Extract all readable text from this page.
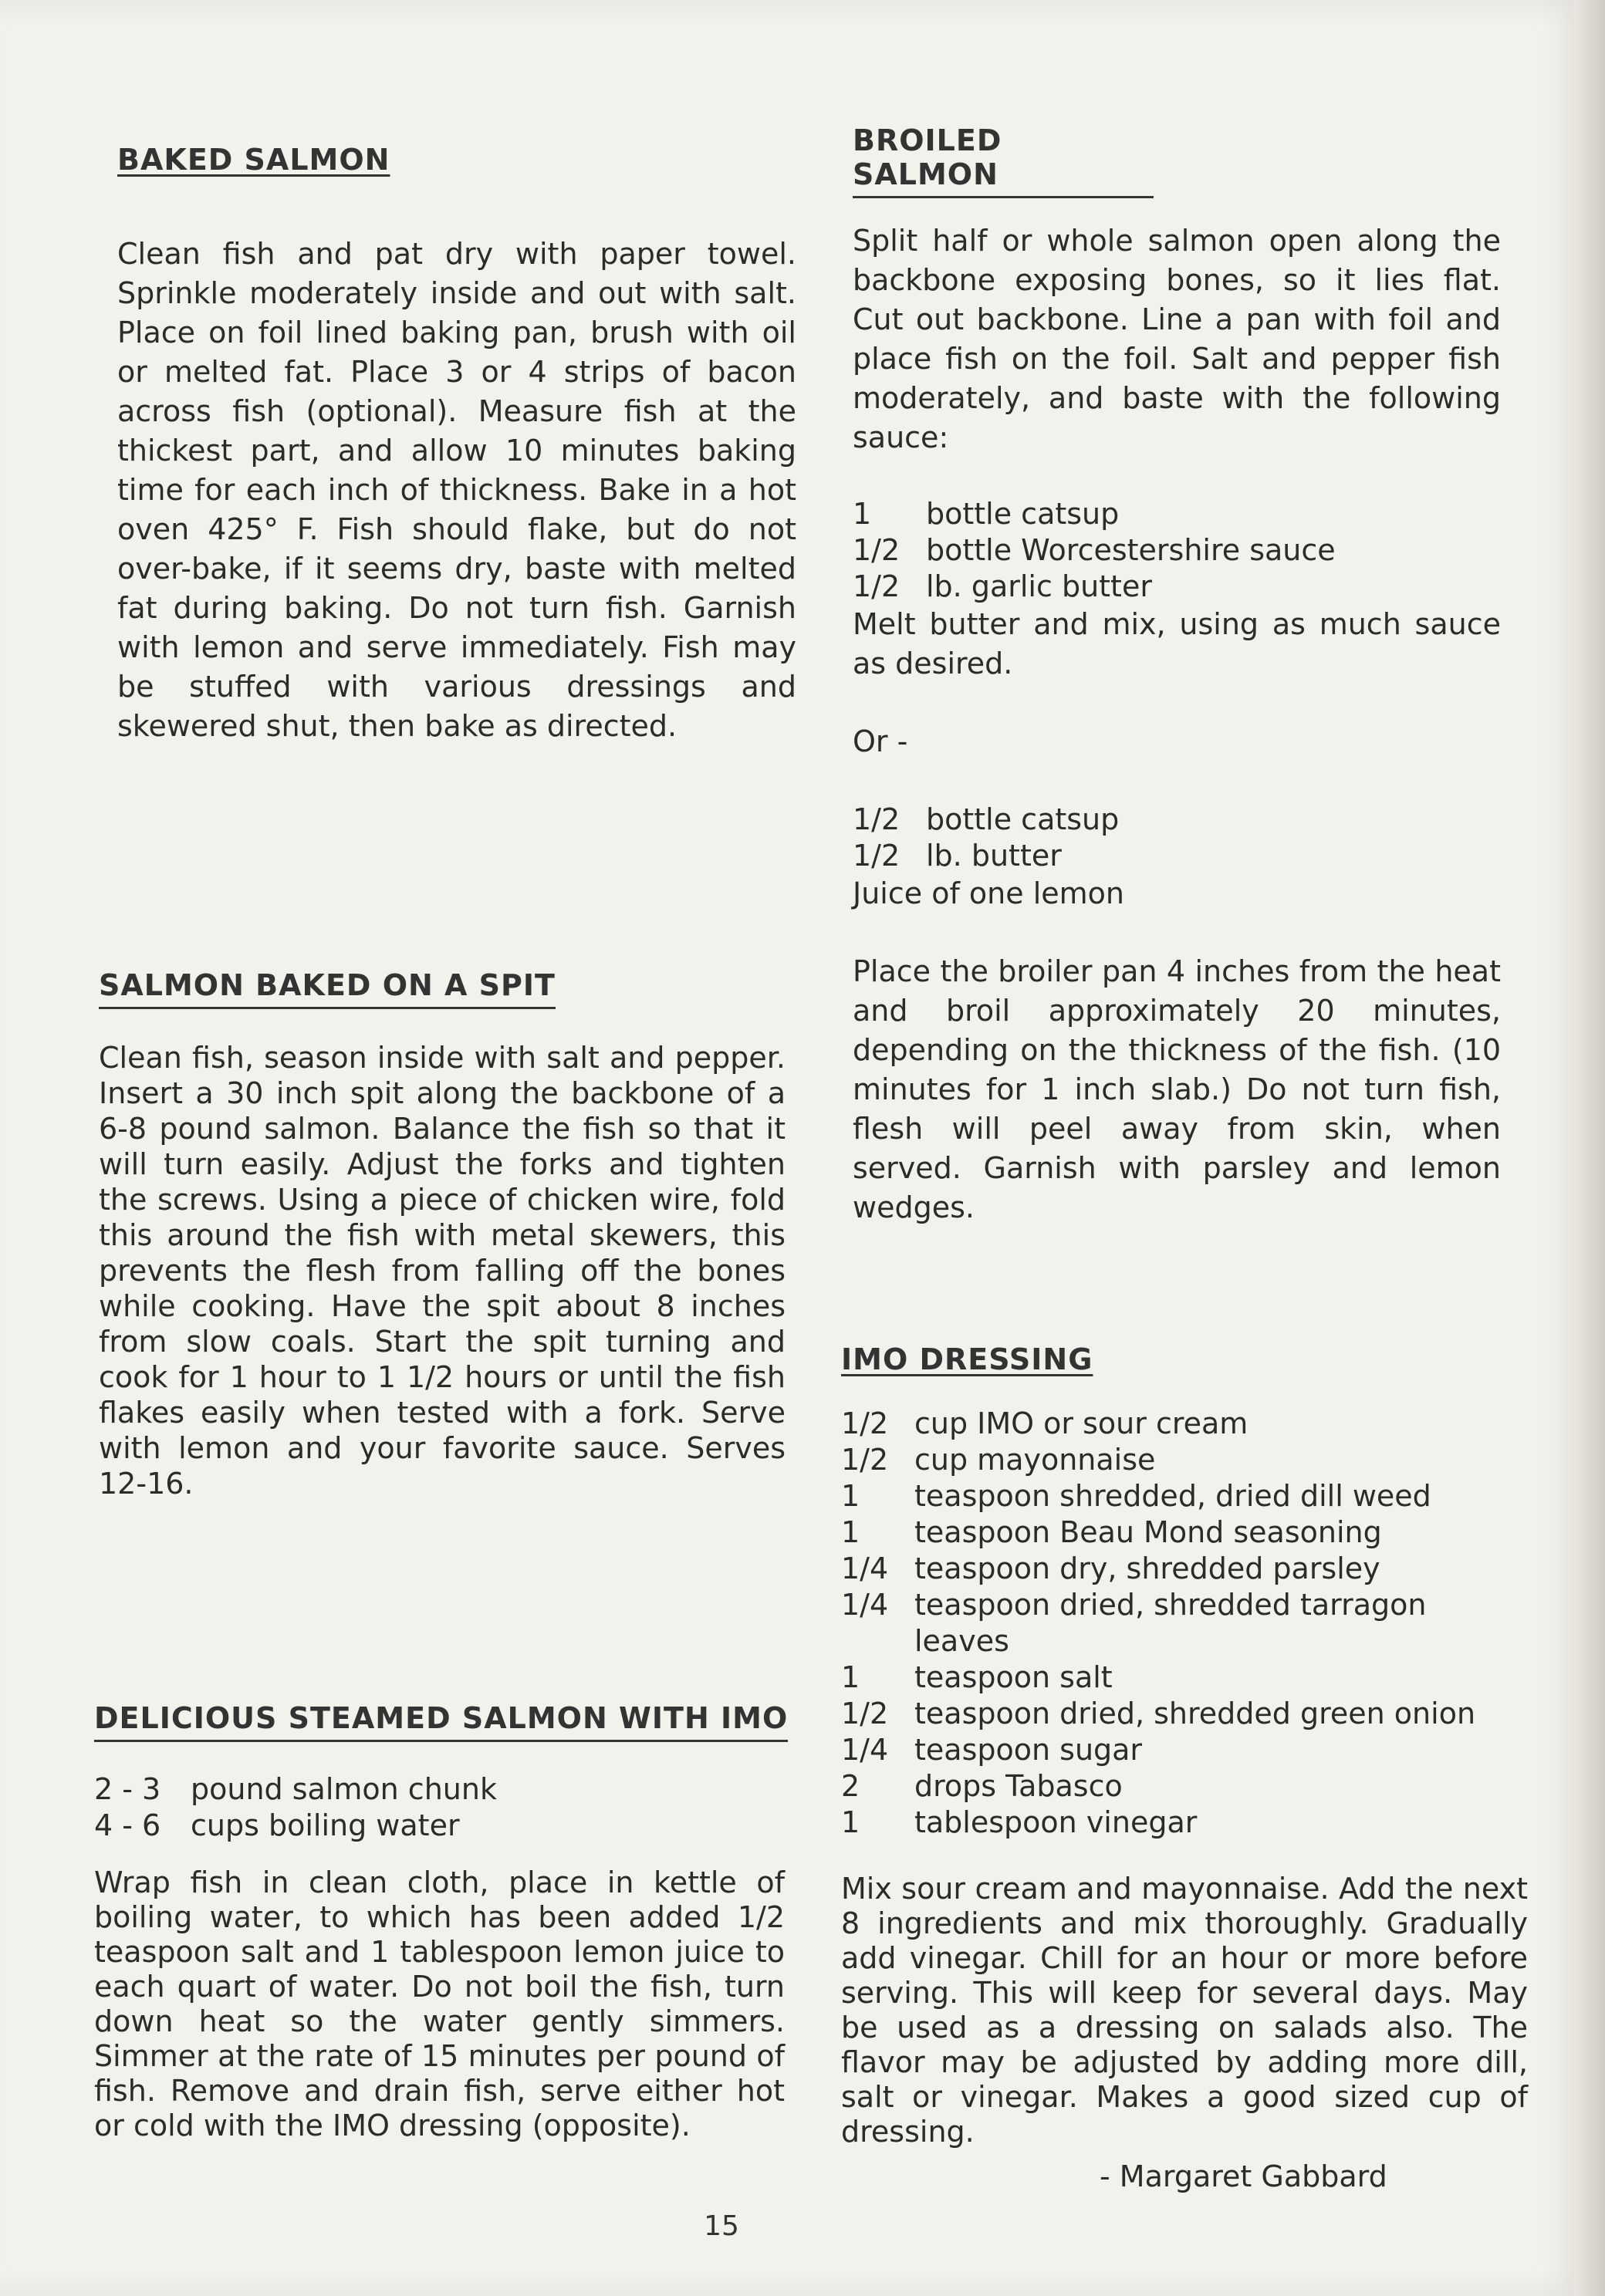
BAKED SALMON

Clean fish and pat dry with paper towel. Sprinkle moderately inside and out with salt. Place on foil lined baking pan, brush with oil or melted fat. Place 3 or 4 strips of bacon across fish (optional). Measure fish at the thickest part, and allow 10 minutes baking time for each inch of thickness. Bake in a hot oven 425° F. Fish should flake, but do not over-bake, if it seems dry, baste with melted fat during baking. Do not turn fish. Garnish with lemon and serve immediately. Fish may be stuffed with various dressings and skewered shut, then bake as directed.

SALMON BAKED ON A SPIT

Clean fish, season inside with salt and pepper. Insert a 30 inch spit along the backbone of a 6-8 pound salmon. Balance the fish so that it will turn easily. Adjust the forks and tighten the screws. Using a piece of chicken wire, fold this around the fish with metal skewers, this prevents the flesh from falling off the bones while cooking. Have the spit about 8 inches from slow coals. Start the spit turning and cook for 1 hour to 1 1/2 hours or until the fish flakes easily when tested with a fork. Serve with lemon and your favorite sauce. Serves 12-16.

DELICIOUS STEAMED SALMON WITH IMO
2 - 3	pound salmon chunk
4 - 6	cups boiling water

Wrap fish in clean cloth, place in kettle of boiling water, to which has been added 1/2 teaspoon salt and 1 tablespoon lemon juice to each quart of water. Do not boil the fish, turn down heat so the water gently simmers. Simmer at the rate of 15 minutes per pound of fish. Remove and drain fish, serve either hot or cold with the IMO dressing (opposite).

BROILED SALMON

Split half or whole salmon open along the backbone exposing bones, so it lies flat. Cut out backbone. Line a pan with foil and place fish on the foil. Salt and pepper fish moderately, and baste with the following sauce:

1	bottle catsup
1/2 bottle Worcestershire sauce
1/2 lb. garlic butter

Melt butter and mix, using as much sauce as desired.

Or -

1/2 bottle catsup
1/2 lb. butter

Juice of one lemon

Place the broiler pan 4 inches from the heat and broil approximately 20 minutes, depending on the thickness of the fish. (10 minutes for 1 inch slab.) Do not turn fish, flesh will peel away from skin, when served. Garnish with parsley and lemon wedges.

IMO DRESSING
1/2 cup IMO or sour cream
1/2 cup mayonnaise
1	teaspoon shredded, dried dill weed
1	teaspoon Beau Mond seasoning
1/4 teaspoon dry, shredded parsley
1/4 teaspoon dried, shredded tarragon leaves
1	teaspoon salt
1/2 teaspoon dried, shredded green onion
1/4 teaspoon sugar
2	drops Tabasco
1	tablespoon vinegar

Mix sour cream and mayonnaise. Add the next 8 ingredients and mix thoroughly. Gradually add vinegar. Chill for an hour or more before serving. This will keep for several days. May be used as a dressing on salads also. The flavor may be adjusted by adding more dill, salt or vinegar. Makes a good sized cup of dressing.

- Margaret Gabbard

15
